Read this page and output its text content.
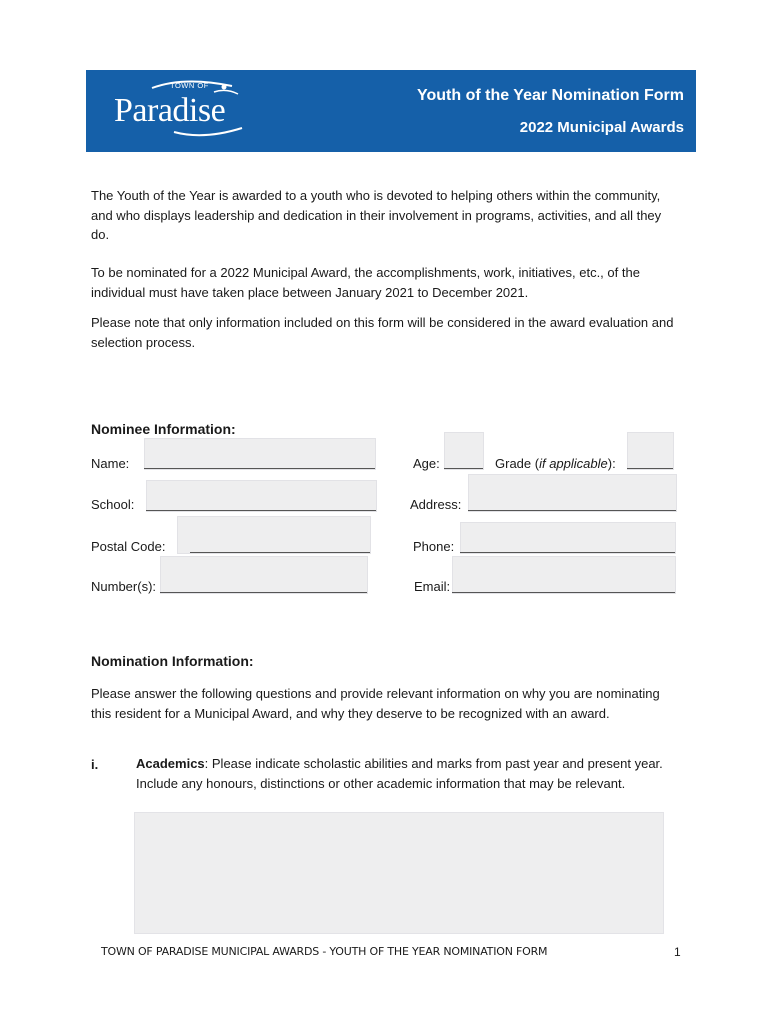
TOWN OF
Paradise	Youth of the Year Nomination Form
2022 Municipal Awards

The Youth of the Year is awarded to a youth who is devoted to helping others within the community, and who displays leadership and dedication in their involvement in programs, activities, and all they do.

To be nominated for a 2022 Municipal Award, the accomplishments, work, initiatives, etc., of the individual must have taken place between January 2021 to December 2021.

Please note that only information included on this form will be considered in the award evaluation and selection process.

Nominee Information:
Name:	Age:	Grade (if applicable):
School:	Address:
Postal Code:	Phone:
Number(s):	Email:
Nomination Information:

Please answer the following questions and provide relevant information on why you are nominating this resident for a Municipal Award, and why they deserve to be recognized with an award.

i.	Academics: Please indicate scholastic abilities and marks from past year and present year. Include any honours, distinctions or other academic information that may be relevant.

TOWN OF PARADISE MUNICIPAL AWARDS - YOUTH OF THE YEAR NOMINATION FORM	1
